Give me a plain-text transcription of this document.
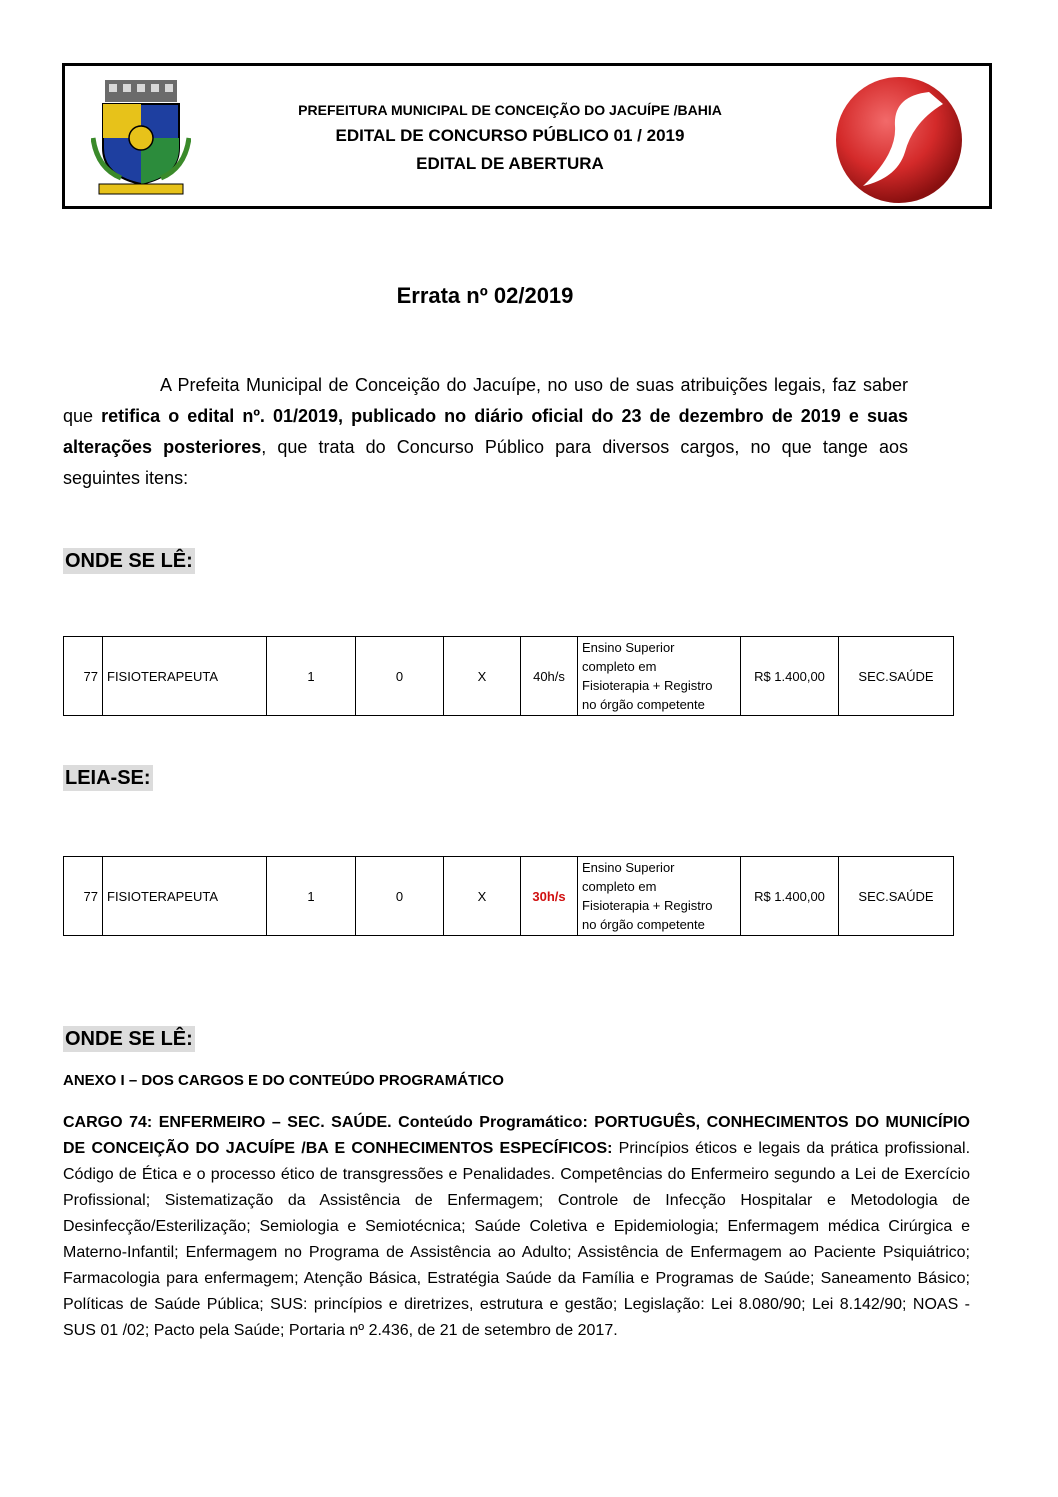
PREFEITURA MUNICIPAL DE CONCEIÇÃO DO JACUÍPE /BAHIA
EDITAL DE CONCURSO PÚBLICO 01 / 2019
EDITAL DE ABERTURA
Errata nº 02/2019
A Prefeita Municipal de Conceição do Jacuípe, no uso de suas atribuições legais, faz saber que retifica o edital nº. 01/2019, publicado no diário oficial do 23 de dezembro de 2019 e suas alterações posteriores, que trata do Concurso Público para diversos cargos, no que tange aos seguintes itens:
ONDE SE LÊ:
77	FISIOTERAPEUTA	1	0	X	40h/s	
Ensino Superior
completo em
Fisioterapia + Registro
no órgão competente
	R$ 1.400,00	SEC.SAÚDE
LEIA-SE:
77	FISIOTERAPEUTA	1	0	X	30h/s	
Ensino Superior
completo em
Fisioterapia + Registro
no órgão competente
	R$ 1.400,00	SEC.SAÚDE
ONDE SE LÊ:
ANEXO I – DOS CARGOS E DO CONTEÚDO PROGRAMÁTICO
CARGO 74: ENFERMEIRO – SEC. SAÚDE. Conteúdo Programático: PORTUGUÊS, CONHECIMENTOS DO MUNICÍPIO DE CONCEIÇÃO DO JACUÍPE /BA E CONHECIMENTOS ESPECÍFICOS: Princípios éticos e legais da prática profissional. Código de Ética e o processo ético de transgressões e Penalidades. Competências do Enfermeiro segundo a Lei de Exercício Profissional; Sistematização da Assistência de Enfermagem; Controle de Infecção Hospitalar e Metodologia de Desinfecção/Esterilização; Semiologia e Semiotécnica; Saúde Coletiva e Epidemiologia; Enfermagem médica Cirúrgica e Materno-Infantil; Enfermagem no Programa de Assistência ao Adulto; Assistência de Enfermagem ao Paciente Psiquiátrico; Farmacologia para enfermagem; Atenção Básica, Estratégia Saúde da Família e Programas de Saúde; Saneamento Básico; Políticas de Saúde Pública; SUS: princípios e diretrizes, estrutura e gestão; Legislação: Lei 8.080/90; Lei 8.142/90; NOAS - SUS 01 /02; Pacto pela Saúde; Portaria nº 2.436, de 21 de setembro de 2017.
